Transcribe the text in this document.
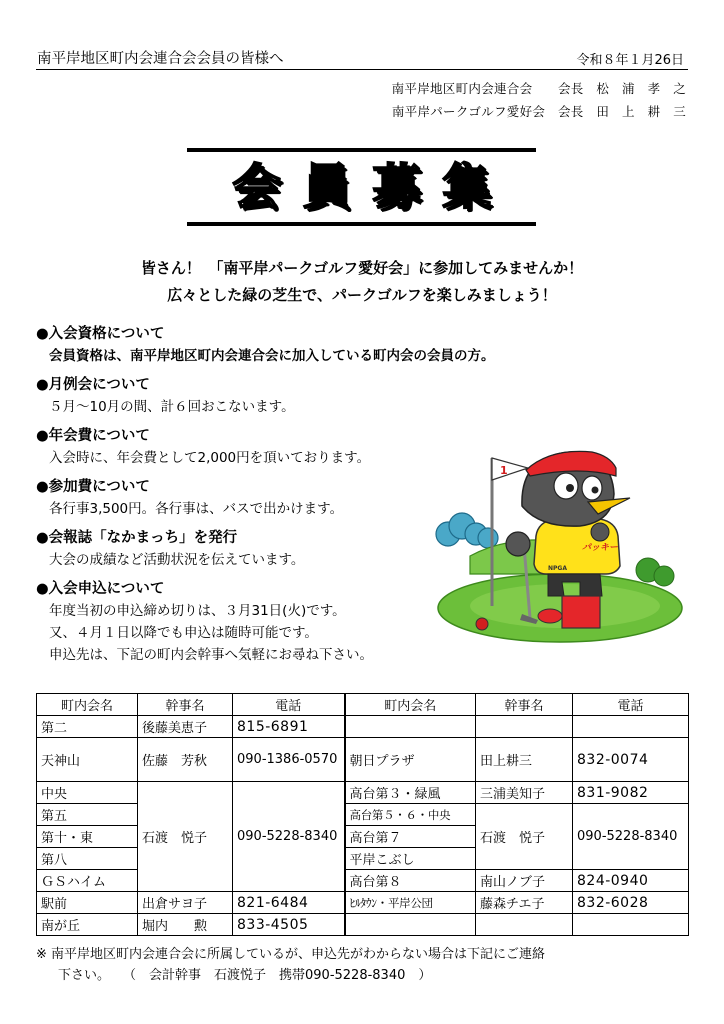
南平岸地区町内会連合会会員の皆様へ	令和８年１月26日
南平岸地区町内会連合会　　会長　松　浦　孝　之
南平岸パークゴルフ愛好会　会長　田　上　耕　三
会員募集
皆さん！　「南平岸パークゴルフ愛好会」に参加してみませんか！
広々とした緑の芝生で、パークゴルフを楽しみましょう！
●入会資格について
会員資格は、南平岸地区町内会連合会に加入している町内会の会員の方。
●月例会について
５月～10月の間、計６回おこないます。
●年会費について
入会時に、年会費として2,000円を頂いております。
●参加費について
各行事3,500円。各行事は、バスで出かけます。
●会報誌「なかまっち」を発行
大会の成績など活動状況を伝えています。
●入会申込について
年度当初の申込締め切りは、３月31日(火)です。
又、４月１日以降でも申込は随時可能です。
申込先は、下記の町内会幹事へ気軽にお尋ね下さい。
1
パッキー
NPGA
町内会名	幹事名	電話	町内会名	幹事名	電話
第二	後藤美恵子	815-6891			
天神山	佐藤　芳秋	090-1386-0570	朝日プラザ	田上耕三	832-0074
中央	石渡　悦子	090-5228-8340	高台第３・緑風	三浦美知子	831-9082
第五			高台第５・６・中央	石渡　悦子	090-5228-8340
第十・東			高台第７		
第八			平岸こぶし		
ＧＳハイム			高台第８	南山ノブ子	824-0940
駅前	出倉サヨ子	821-6484	ﾋﾙﾀｳﾝ・平岸公団	藤森チエ子	832-6028
南が丘	堀内　　勲	833-4505			
※ 南平岸地区町内会連合会に所属しているが、申込先がわからない場合は下記にご連絡
下さい。　　（　会計幹事　石渡悦子　携帯090-5228-8340　）
